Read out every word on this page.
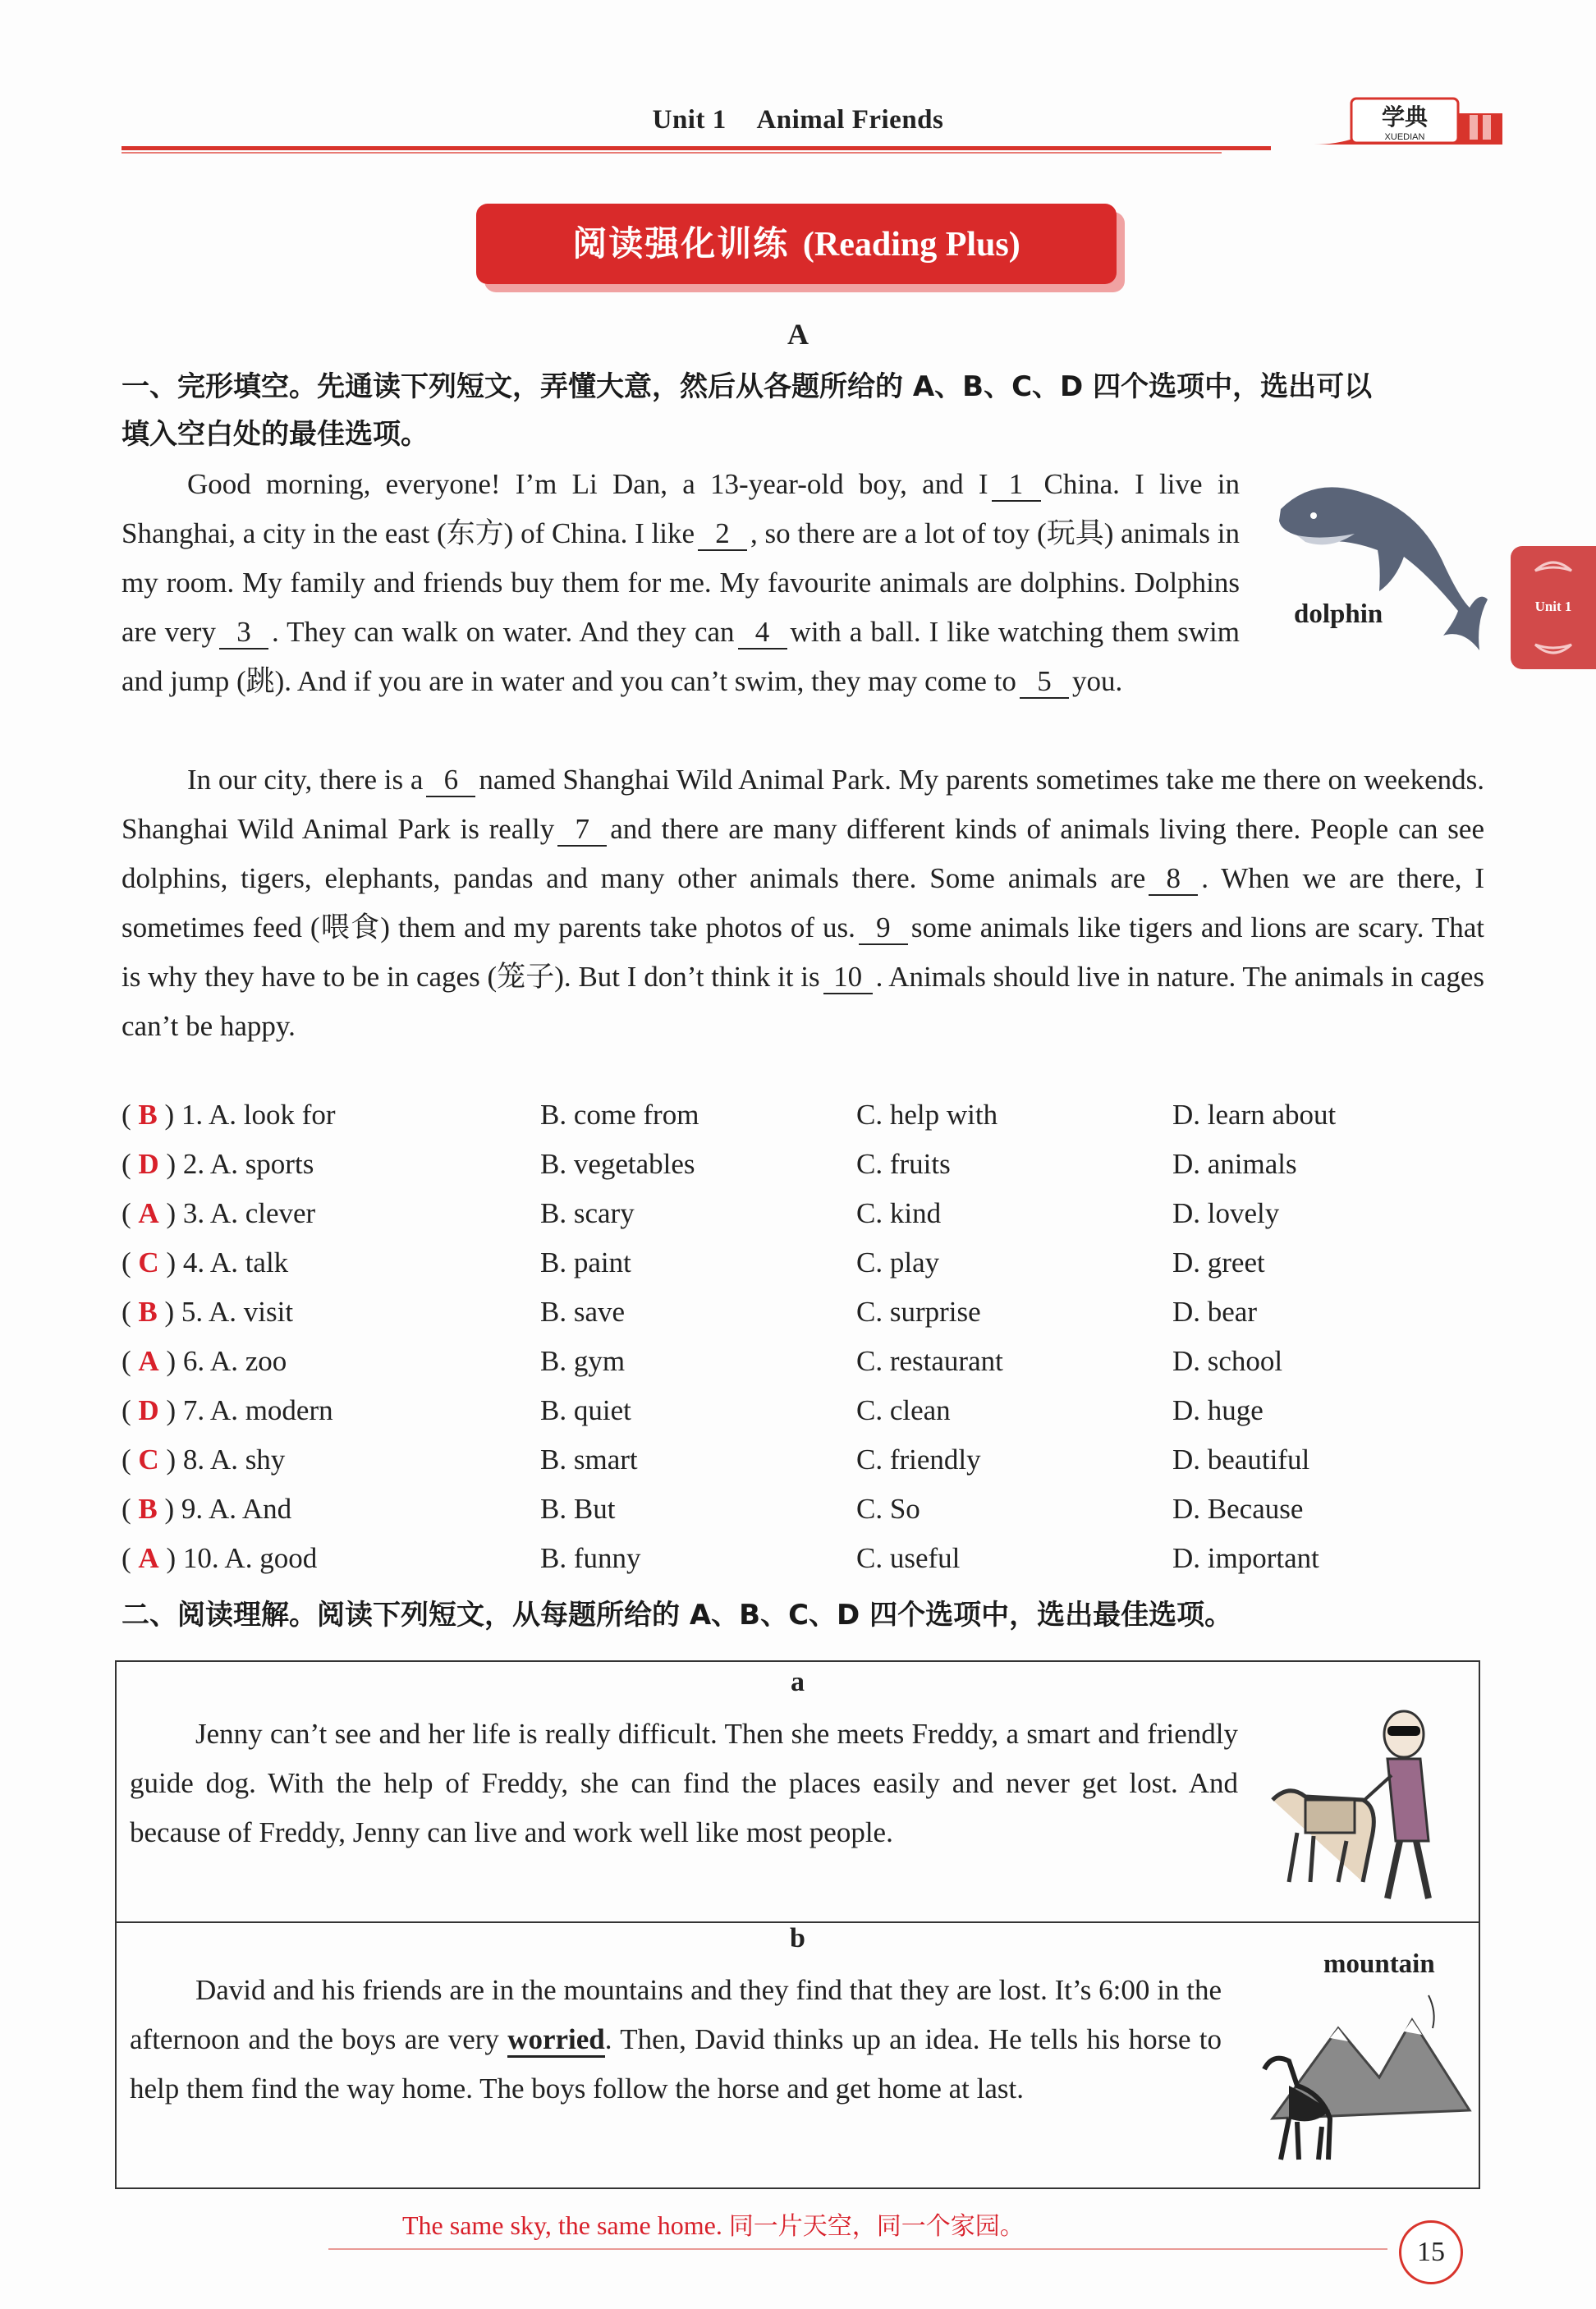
Unit 1 Animal Friends	学典
XUEDIAN
Unit 1
阅读强化训练 (Reading Plus)
A
一、完形填空。先通读下列短文，弄懂大意，然后从各题所给的 A、B、C、D 四个选项中，选出可以
填入空白处的最佳选项。
dolphin

Good morning, everyone! I’m Li Dan, a 13-year-old boy, and I 1 China. I live in Shanghai, a city in the east (东方) of China. I like 2 , so there are a lot of toy (玩具) animals in my room. My family and friends buy them for me. My favourite animals are dolphins. Dolphins are very 3 . They can walk on water. And they can 4 with a ball. I like watching them swim and jump (跳). And if you are in water and you can’t swim, they may come to 5 you.

In our city, there is a 6 named Shanghai Wild Animal Park. My parents sometimes take me there on weekends. Shanghai Wild Animal Park is really 7 and there are many different kinds of animals living there. People can see dolphins, tigers, elephants, pandas and many other animals there. Some animals are 8 . When we are there, I sometimes feed (喂食) them and my parents take photos of us. 9 some animals like tigers and lions are scary. That is why they have to be in cages (笼子). But I don’t think it is 10 . Animals should live in nature. The animals in cages can’t be happy.

( B ) 1. A. look for	B. come from	C. help with	D. learn about
( D ) 2. A. sports	B. vegetables	C. fruits	D. animals
( A ) 3. A. clever	B. scary	C. kind	D. lovely
( C ) 4. A. talk	B. paint	C. play	D. greet
( B ) 5. A. visit	B. save	C. surprise	D. bear
( A ) 6. A. zoo	B. gym	C. restaurant	D. school
( D ) 7. A. modern	B. quiet	C. clean	D. huge
( C ) 8. A. shy	B. smart	C. friendly	D. beautiful
( B ) 9. A. And	B. But	C. So	D. Because
( A ) 10. A. good	B. funny	C. useful	D. important
二、阅读理解。阅读下列短文，从每题所给的 A、B、C、D 四个选项中，选出最佳选项。
a

Jenny can’t see and her life is really difficult. Then she meets Freddy, a smart and friendly guide dog. With the help of Freddy, she can find the places easily and never get lost. And because of Freddy, Jenny can live and work well like most people.

b

David and his friends are in the mountains and they find that they are lost. It’s 6:00 in the afternoon and the boys are very worried. Then, David thinks up an idea. He tells his horse to help them find the way home. The boys follow the horse and get home at last.

mountain
The same sky, the same home. 同一片天空，同一个家园。
15
